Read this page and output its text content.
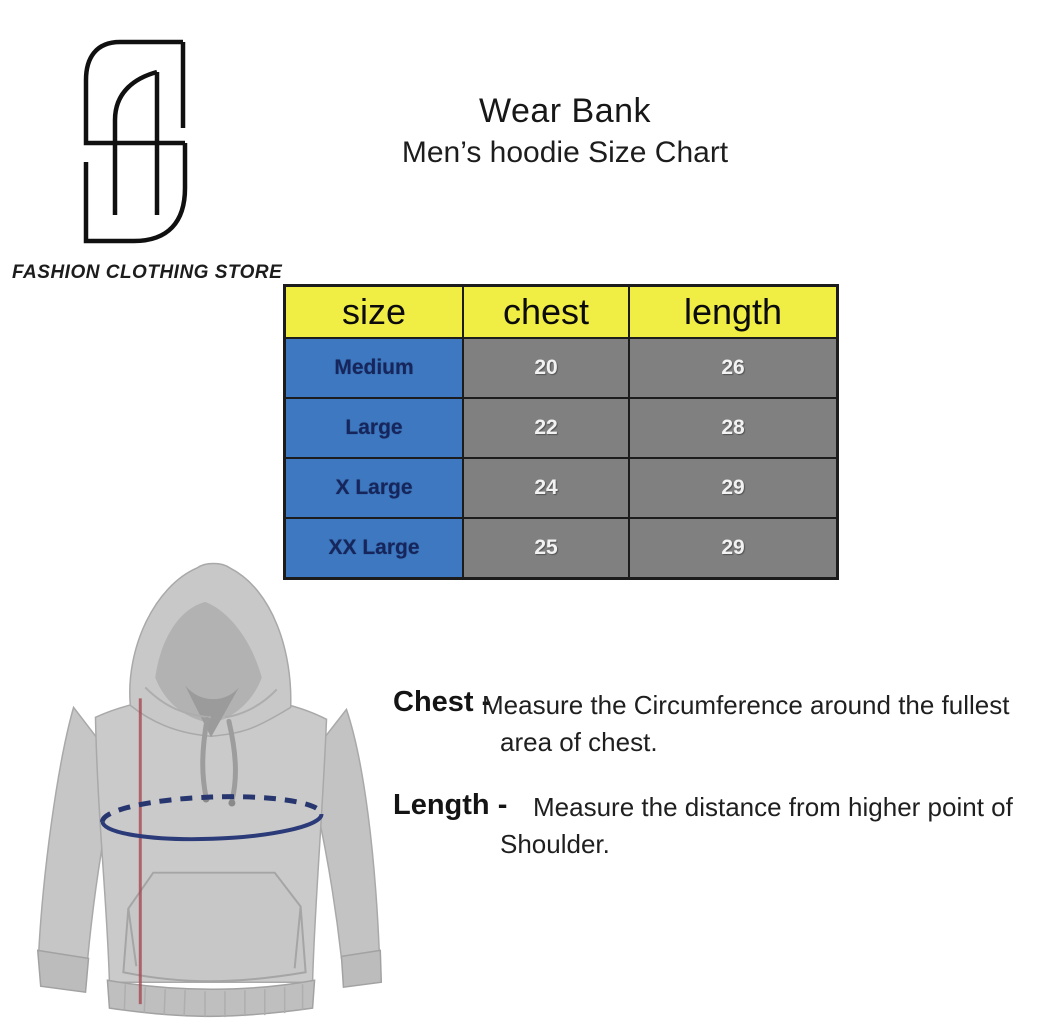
FASHION CLOTHING STORE
Wear Bank
Men’s hoodie Size Chart
size	chest	length
Medium	20	26
Large	22	28
X Large	24	29
XX Large	25	29
Chest -
Measure the Circumference around the fullest
area of chest.
Length - Measure the distance from higher point of
Shoulder.
